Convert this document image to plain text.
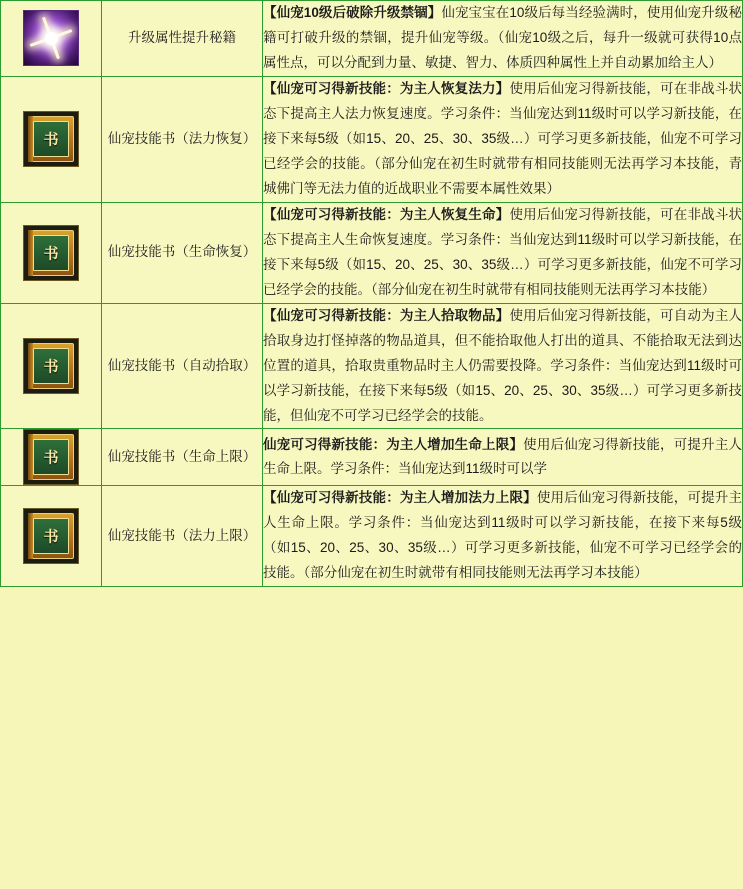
	升级属性提升秘籍	【仙宠10级后破除升级禁锢】仙宠宝宝在10级后每当经验满时，使用仙宠升级秘籍可打破升级的禁锢，提升仙宠等级。（仙宠10级之后，每升一级就可获得10点属性点，可以分配到力量、敏捷、智力、体质四种属性上并自动累加给主人）

书	仙宠技能书（法力恢复）	【仙宠可习得新技能：为主人恢复法力】使用后仙宠习得新技能，可在非战斗状态下提高主人法力恢复速度。学习条件：当仙宠达到11级时可以学习新技能，在接下来每5级（如15、20、25、30、35级…）可学习更多新技能，仙宠不可学习已经学会的技能。（部分仙宠在初生时就带有相同技能则无法再学习本技能，青城佛门等无法力值的近战职业不需要本属性效果）

书	仙宠技能书（生命恢复）	【仙宠可习得新技能：为主人恢复生命】使用后仙宠习得新技能，可在非战斗状态下提高主人生命恢复速度。学习条件：当仙宠达到11级时可以学习新技能，在接下来每5级（如15、20、25、30、35级…）可学习更多新技能，仙宠不可学习已经学会的技能。（部分仙宠在初生时就带有相同技能则无法再学习本技能）

书	仙宠技能书（自动拾取）	【仙宠可习得新技能：为主人拾取物品】使用后仙宠习得新技能，可自动为主人拾取身边打怪掉落的物品道具，但不能拾取他人打出的道具、不能拾取无法到达位置的道具，拾取贵重物品时主人仍需要投降。学习条件：当仙宠达到11级时可以学习新技能，在接下来每5级（如15、20、25、30、35级…）可学习更多新技能，但仙宠不可学习已经学会的技能。

书	仙宠技能书（生命上限）	仙宠可习得新技能：为主人增加生命上限】使用后仙宠习得新技能，可提升主人生命上限。学习条件：当仙宠达到11级时可以学

书	仙宠技能书（法力上限）	【仙宠可习得新技能：为主人增加法力上限】使用后仙宠习得新技能，可提升主人生命上限。学习条件：当仙宠达到11级时可以学习新技能，在接下来每5级（如15、20、25、30、35级…）可学习更多新技能，仙宠不可学习已经学会的技能。（部分仙宠在初生时就带有相同技能则无法再学习本技能）
